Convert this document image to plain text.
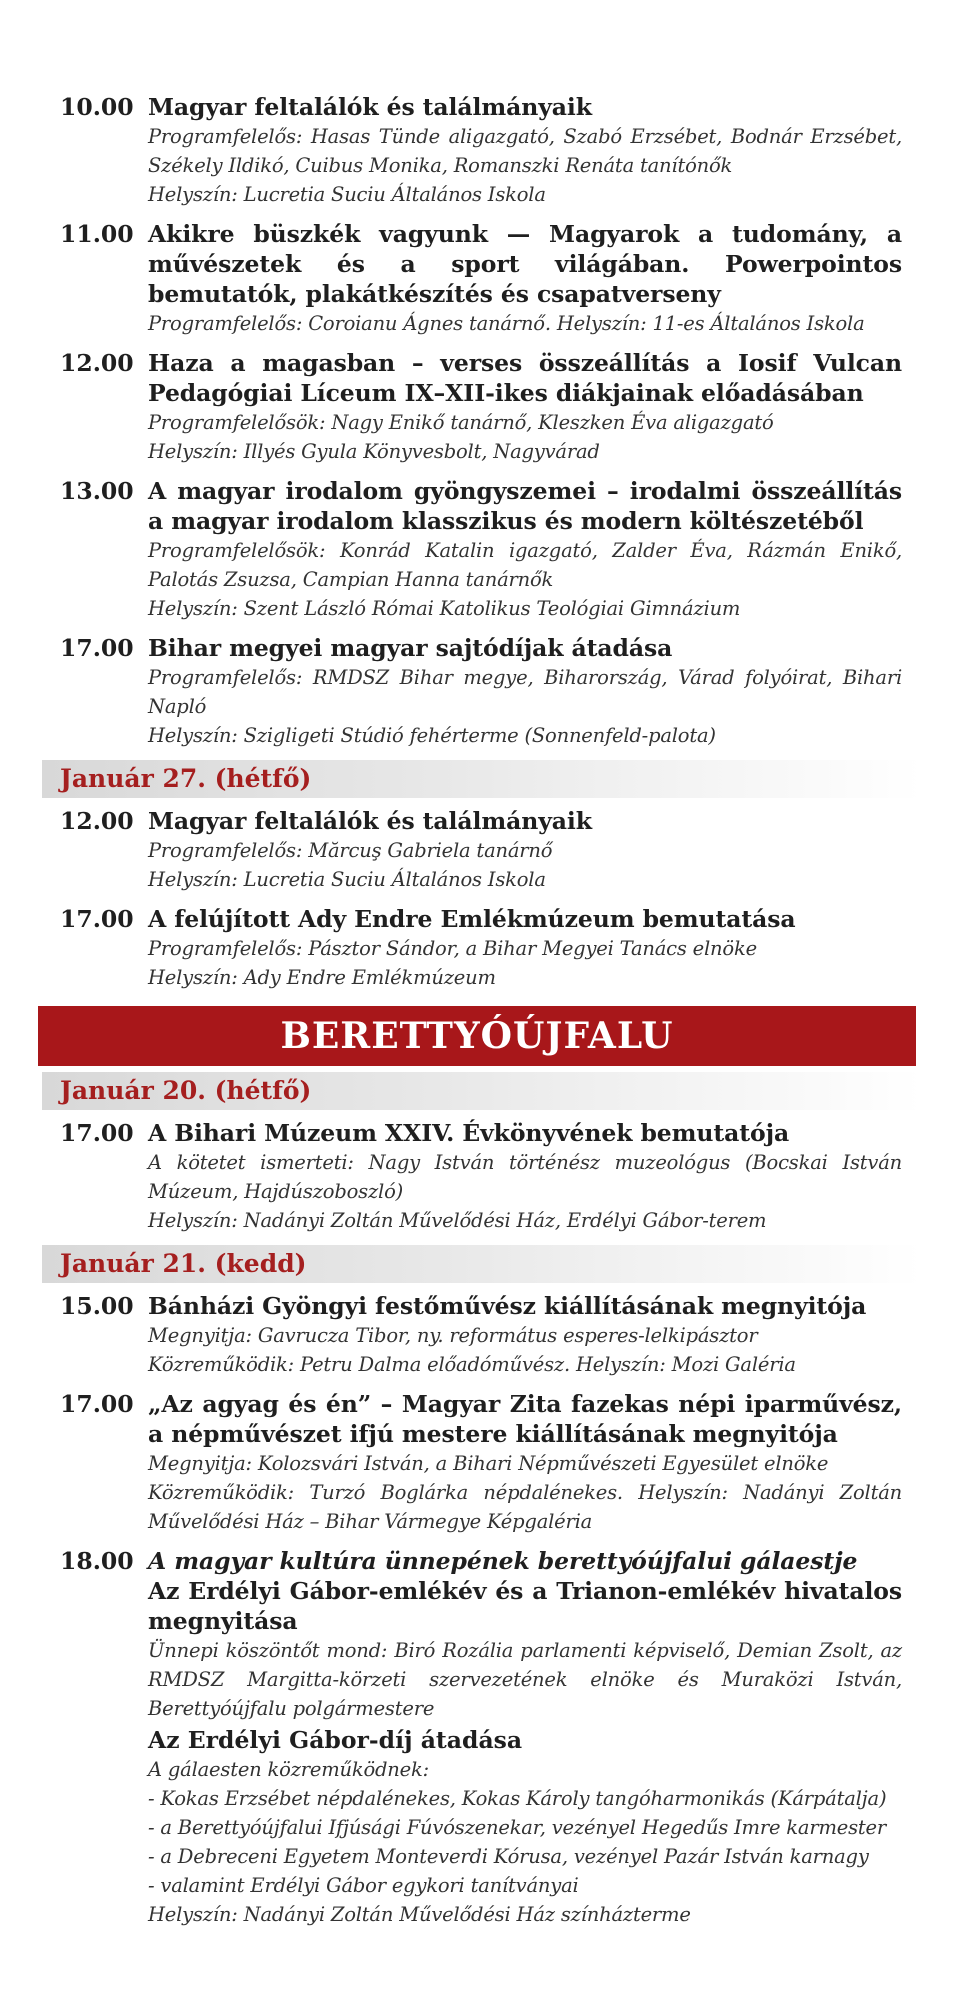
10.00 Magyar feltalálók és találmányaik
Programfelelős: Hasas Tünde aligazgató, Szabó Erzsébet, Bodnár Erzsébet, Székely Ildikó, Cuibus Monika, Romanszki Renáta tanítónők
Helyszín: Lucretia Suciu Általános Iskola
11.00 Akikre büszkék vagyunk — Magyarok a tudomány, a művészetek és a sport világában. Powerpointos bemutatók, plakátkészítés és csapatverseny
Programfelelős: Coroianu Ágnes tanárnő. Helyszín: 11-es Általános Iskola
12.00 Haza a magasban – verses összeállítás a Iosif Vulcan Pedagógiai Líceum IX–XII-ikes diákjainak előadásában
Programfelelősök: Nagy Enikő tanárnő, Kleszken Éva aligazgató
Helyszín: Illyés Gyula Könyvesbolt, Nagyvárad
13.00 A magyar irodalom gyöngyszemei – irodalmi összeállítás a magyar irodalom klasszikus és modern költészetéből
Programfelelősök: Konrád Katalin igazgató, Zalder Éva, Rázmán Enikő, Palotás Zsuzsa, Campian Hanna tanárnők
Helyszín: Szent László Római Katolikus Teológiai Gimnázium
17.00 Bihar megyei magyar sajtódíjak átadása
Programfelelős: RMDSZ Bihar megye, Biharország, Várad folyóirat, Bihari Napló
Helyszín: Szigligeti Stúdió fehérterme (Sonnenfeld-palota)
Január 27. (hétfő)
12.00 Magyar feltalálók és találmányaik
Programfelelős: Mărcuş Gabriela tanárnő
Helyszín: Lucretia Suciu Általános Iskola
17.00 A felújított Ady Endre Emlékmúzeum bemutatása
Programfelelős: Pásztor Sándor, a Bihar Megyei Tanács elnöke
Helyszín: Ady Endre Emlékmúzeum
BERETTYÓÚJFALU
Január 20. (hétfő)
17.00 A Bihari Múzeum XXIV. Évkönyvének bemutatója
A kötetet ismerteti: Nagy István történész muzeológus (Bocskai István Múzeum, Hajdúszoboszló)
Helyszín: Nadányi Zoltán Művelődési Ház, Erdélyi Gábor-terem
Január 21. (kedd)
15.00 Bánházi Gyöngyi festőművész kiállításának megnyitója
Megnyitja: Gavrucza Tibor, ny. református esperes-lelkipásztor
Közreműködik: Petru Dalma előadóművész. Helyszín: Mozi Galéria
17.00 „Az agyag és én” – Magyar Zita fazekas népi iparművész, a népművészet ifjú mestere kiállításának megnyitója
Megnyitja: Kolozsvári István, a Bihari Népművészeti Egyesület elnöke
Közreműködik: Turzó Boglárka népdalénekes. Helyszín: Nadányi Zoltán Művelődési Ház – Bihar Vármegye Képgaléria
18.00 A magyar kultúra ünnepének berettyóújfalui gálaestje
Az Erdélyi Gábor-emlékév és a Trianon-emlékév hivatalos megnyitása
Ünnepi köszöntőt mond: Biró Rozália parlamenti képviselő, Demian Zsolt, az RMDSZ Margitta-körzeti szervezetének elnöke és Muraközi István, Berettyóújfalu polgármestere
Az Erdélyi Gábor-díj átadása
A gálaesten közreműködnek:
- Kokas Erzsébet népdalénekes, Kokas Károly tangóharmonikás (Kárpátalja)
- a Berettyóújfalui Ifjúsági Fúvószenekar, vezényel Hegedűs Imre karmester
- a Debreceni Egyetem Monteverdi Kórusa, vezényel Pazár István karnagy
- valamint Erdélyi Gábor egykori tanítványai
Helyszín: Nadányi Zoltán Művelődési Ház színházterme
